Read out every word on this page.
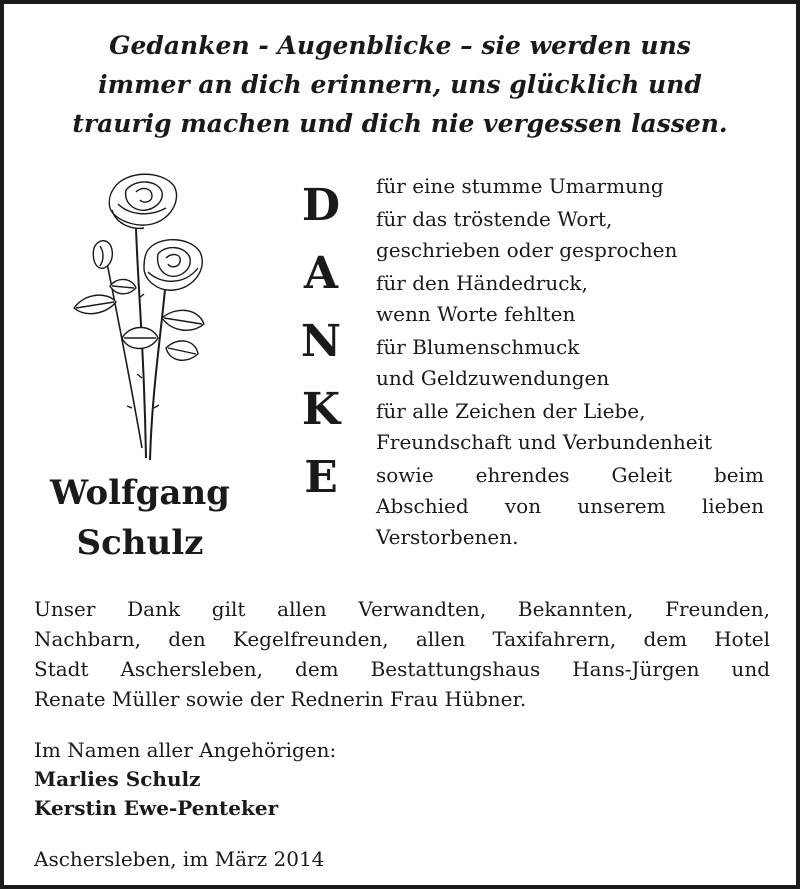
Gedanken - Augenblicke – sie werden uns
immer an dich erinnern, uns glücklich und
traurig machen und dich nie vergessen lassen.
Wolfgang
Schulz
D
A
N
K
E
für eine stumme Umarmung
für das tröstende Wort,
geschrieben oder gesprochen
für den Händedruck,
wenn Worte fehlten
für Blumenschmuck
und Geldzuwendungen
für alle Zeichen der Liebe,
Freundschaft und Verbundenheit
sowie ehrendes Geleit beim
Abschied von unserem lieben
Verstorbenen.
Unser Dank gilt allen Verwandten, Bekannten, Freunden,
Nachbarn, den Kegelfreunden, allen Taxifahrern, dem Hotel
Stadt Aschersleben, dem Bestattungshaus Hans-Jürgen und
Renate Müller sowie der Rednerin Frau Hübner.
Im Namen aller Angehörigen:
Marlies Schulz
Kerstin Ewe-Penteker
Aschersleben, im März 2014
